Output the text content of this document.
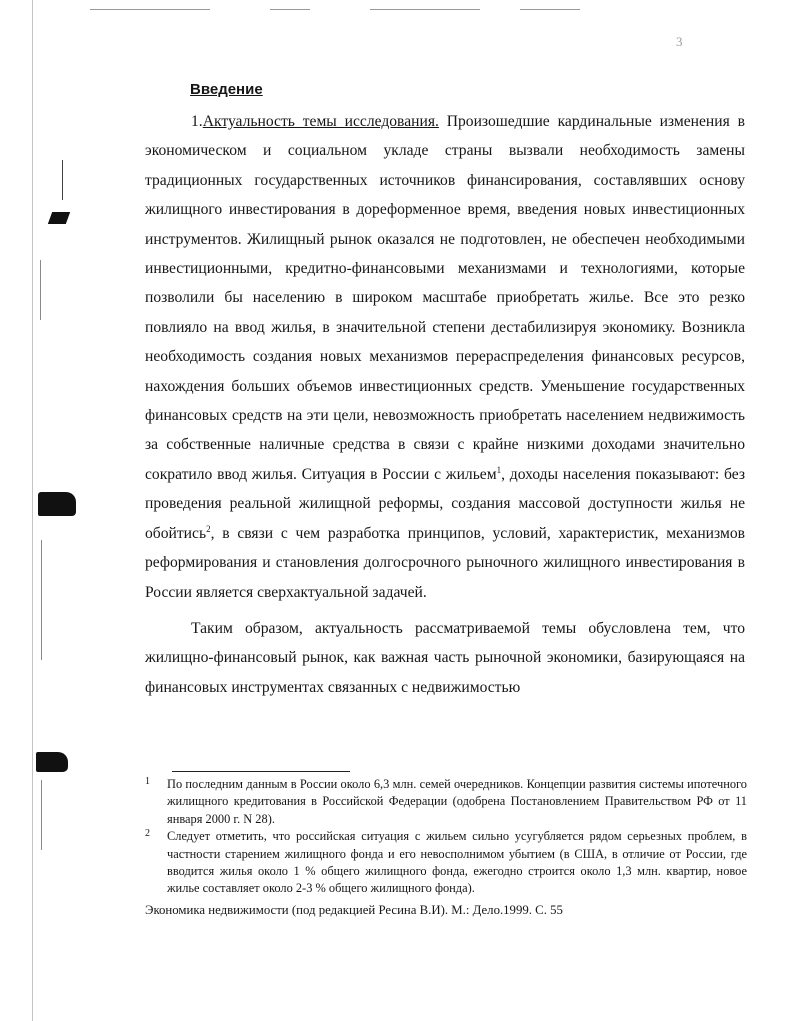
3
Введение

1.Актуальность темы исследования. Произошедшие кардинальные изменения в экономическом и социальном укладе страны вызвали необходимость замены традиционных государственных источников финансирования, составлявших основу жилищного инвестирования в дореформенное время, введения новых инвестиционных инструментов. Жилищный рынок оказался не подготовлен, не обеспечен необходимыми инвестиционными, кредитно-финансовыми механизмами и технологиями, которые позволили бы населению в широком масштабе приобретать жилье. Все это резко повлияло на ввод жилья, в значительной степени дестабилизируя экономику. Возникла необходимость создания новых механизмов перераспределения финансовых ресурсов, нахождения больших объемов инвестиционных средств. Уменьшение государственных финансовых средств на эти цели, невозможность приобретать населением недвижимость за собственные наличные средства в связи с крайне низкими доходами значительно сократило ввод жилья. Ситуация в России с жильем$^1$, доходы населения показывают: без проведения реальной жилищной реформы, создания массовой доступности жилья не обойтись$^2$, в связи с чем разработка принципов, условий, характеристик, механизмов реформирования и становления долгосрочного рыночного жилищного инвестирования в России является сверхактуальной задачей.

Таким образом, актуальность рассматриваемой темы обусловлена тем, что жилищно-финансовый рынок, как важная часть рыночной экономики, базирующаяся на финансовых инструментах связанных с недвижимостью

1 По последним данным в России около 6,3 млн. семей очередников. Концепции развития системы ипотечного жилищного кредитования в Российской Федерации (одобрена Постановлением Правительством РФ от 11 января 2000 г. N 28).
2 Следует отметить, что российская ситуация с жильем сильно усугубляется рядом серьезных проблем, в частности старением жилищного фонда и его невосполнимом убытием (в США, в отличие от России, где вводится жилья около 1 % общего жилищного фонда, ежегодно строится около 1,3 млн. квартир, новое жилье составляет около 2-3 % общего жилищного фонда).
Экономика недвижимости (под редакцией Ресина В.И). М.: Дело.1999. С. 55
